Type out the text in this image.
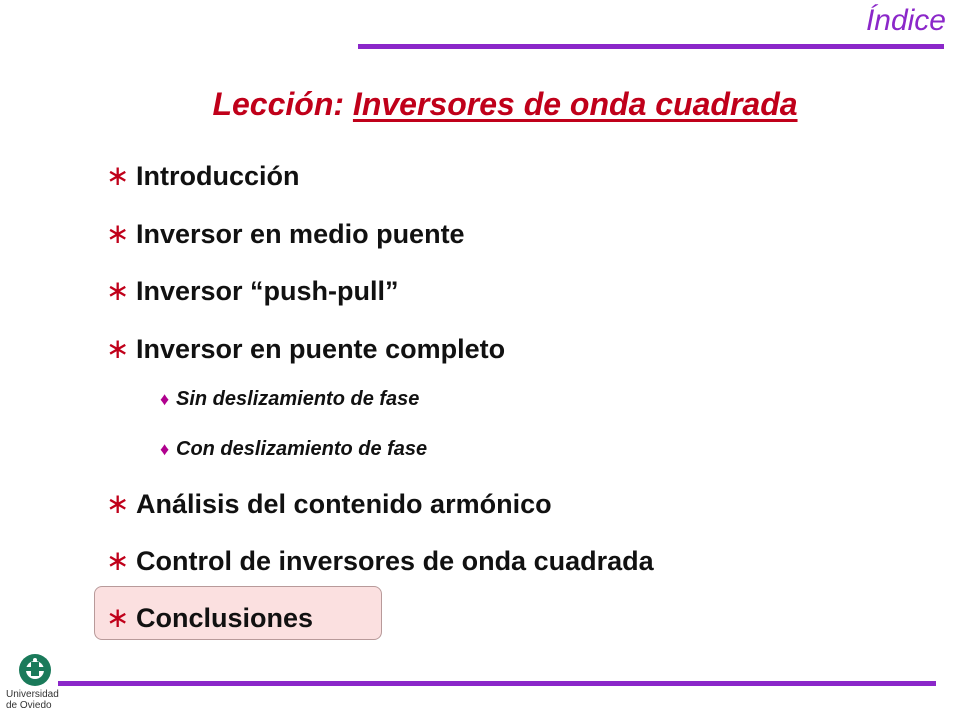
Índice
Lección: Inversores de onda cuadrada
∗ Introducción
∗ Inversor en medio puente
∗ Inversor “push-pull”
∗ Inversor en puente completo
♦ Sin deslizamiento de fase
♦ Con deslizamiento de fase
∗ Análisis del contenido armónico
∗ Control de inversores de onda cuadrada
∗ Conclusiones
Universidad
de Oviedo
